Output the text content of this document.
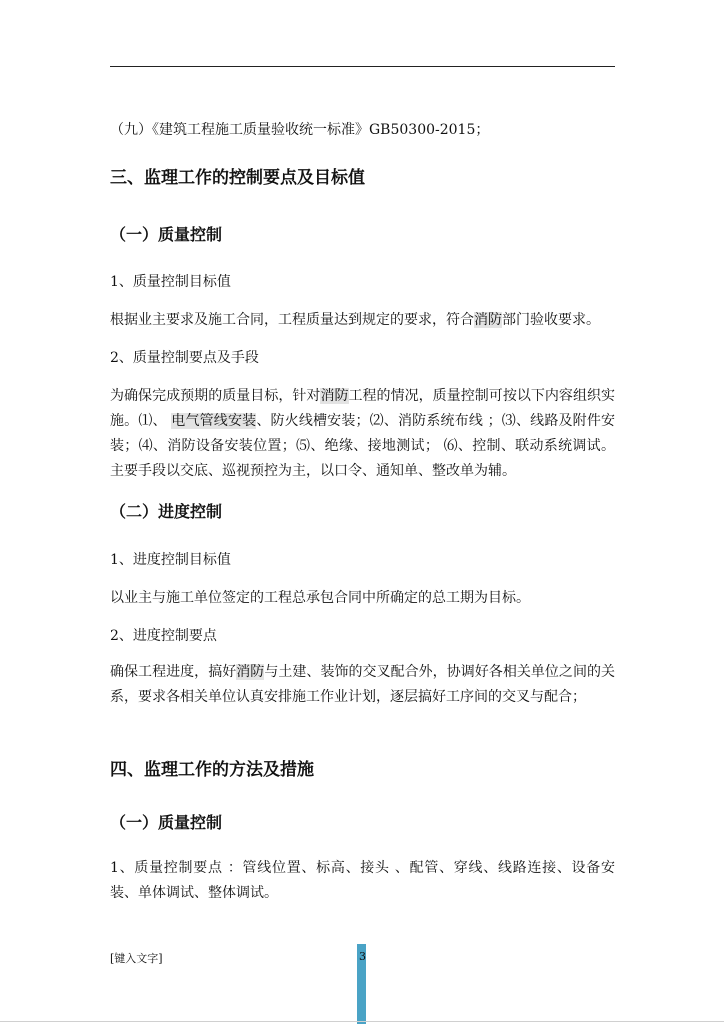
（九）《建筑工程施工质量验收统一标准》GB50300-2015；
三、监理工作的控制要点及目标值
（一）质量控制
1、质量控制目标值
根据业主要求及施工合同，工程质量达到规定的要求，符合消防部门验收要求。
2、质量控制要点及手段
为确保完成预期的质量目标，针对消防工程的情况，质量控制可按以下内容组织实施。⑴、 电气管线安装、防火线槽安装；⑵、消防系统布线 ；⑶、线路及附件安装；⑷、消防设备安装位置；⑸、绝缘、接地测试； ⑹、控制、联动系统调试。主要手段以交底、巡视预控为主，以口令、通知单、整改单为辅。
（二）进度控制
1、进度控制目标值
以业主与施工单位签定的工程总承包合同中所确定的总工期为目标。
2、进度控制要点
确保工程进度，搞好消防与土建、装饰的交叉配合外，协调好各相关单位之间的关系，要求各相关单位认真安排施工作业计划，逐层搞好工序间的交叉与配合；
四、监理工作的方法及措施
（一）质量控制
1、质量控制要点 ：管线位置、标高、接头 、配管、穿线、线路连接、设备安装、单体调试、整体调试。
[键入文字]	3
